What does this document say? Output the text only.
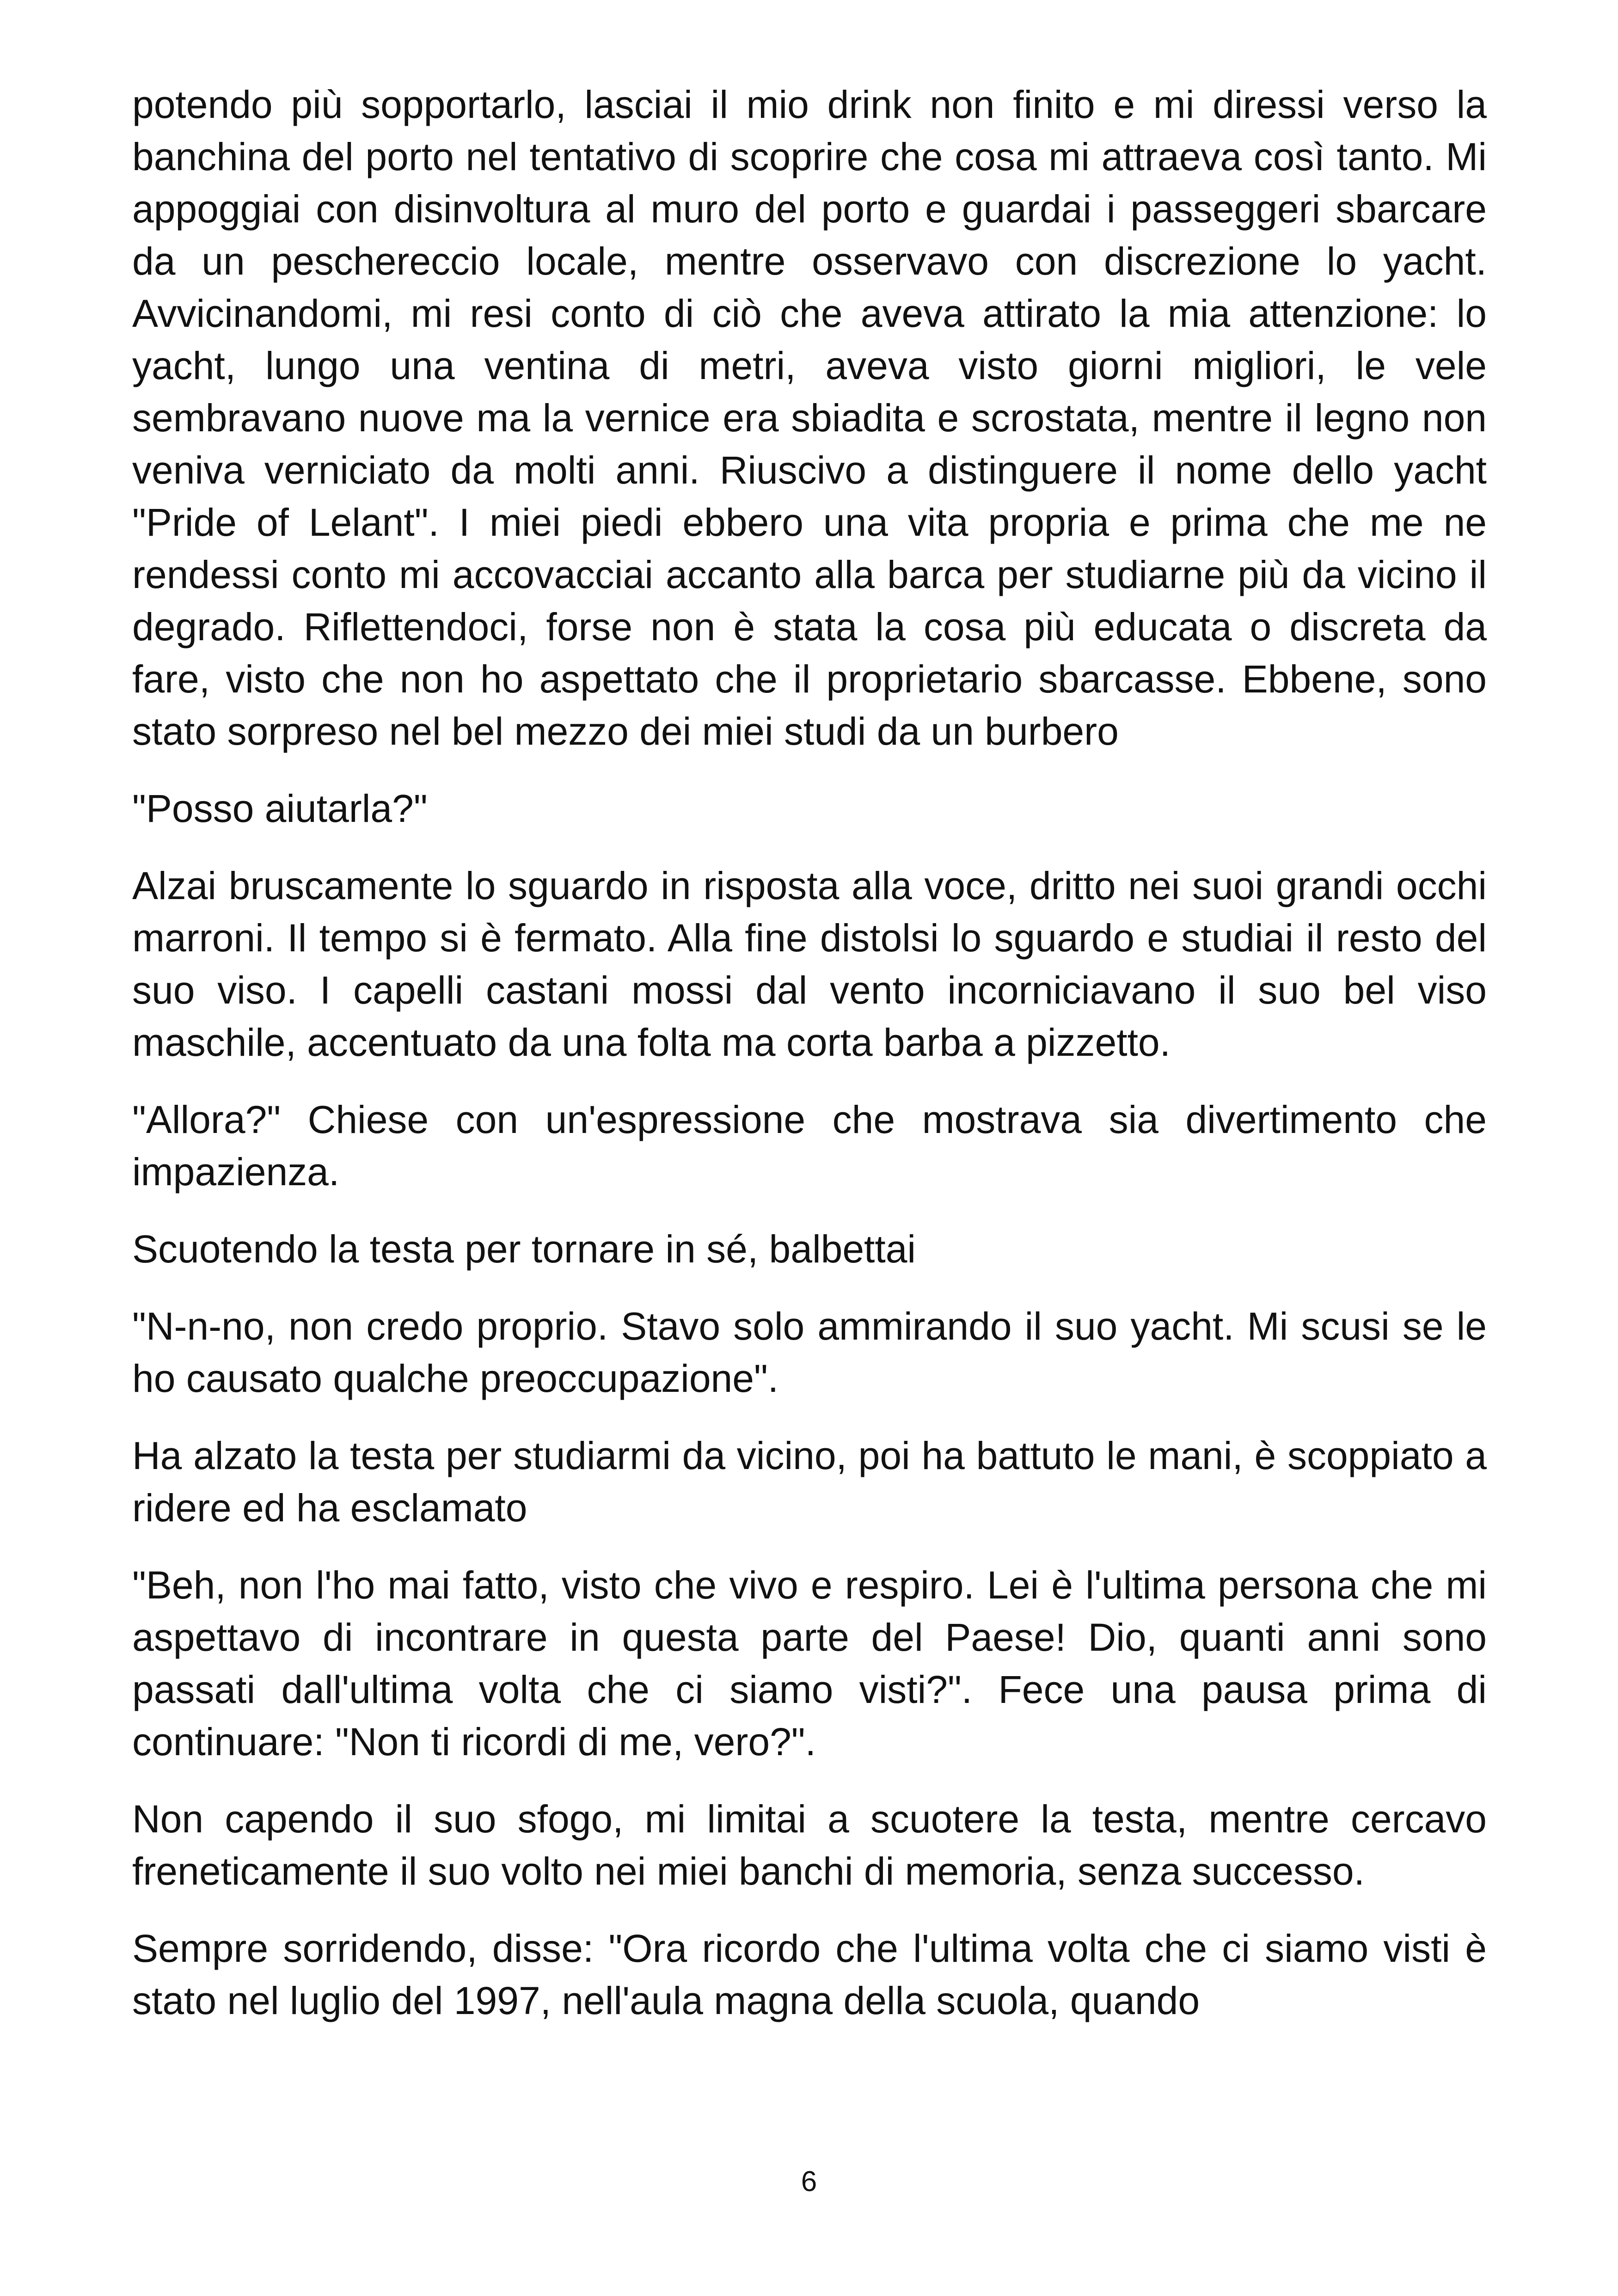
potendo più sopportarlo, lasciai il mio drink non finito e mi diressi verso la banchina del porto nel tentativo di scoprire che cosa mi attraeva così tanto. Mi appoggiai con disinvoltura al muro del porto e guardai i passeggeri sbarcare da un peschereccio locale, mentre osservavo con discrezione lo yacht. Avvicinandomi, mi resi conto di ciò che aveva attirato la mia attenzione: lo yacht, lungo una ventina di metri, aveva visto giorni migliori, le vele sembravano nuove ma la vernice era sbiadita e scrostata, mentre il legno non veniva verniciato da molti anni. Riuscivo a distinguere il nome dello yacht "Pride of Lelant". I miei piedi ebbero una vita propria e prima che me ne rendessi conto mi accovacciai accanto alla barca per studiarne più da vicino il degrado. Riflettendoci, forse non è stata la cosa più educata o discreta da fare, visto che non ho aspettato che il proprietario sbarcasse. Ebbene, sono stato sorpreso nel bel mezzo dei miei studi da un burbero

"Posso aiutarla?"

Alzai bruscamente lo sguardo in risposta alla voce, dritto nei suoi grandi occhi marroni. Il tempo si è fermato. Alla fine distolsi lo sguardo e studiai il resto del suo viso. I capelli castani mossi dal vento incorniciavano il suo bel viso maschile, accentuato da una folta ma corta barba a pizzetto.

"Allora?" Chiese con un'espressione che mostrava sia divertimento che impazienza.

Scuotendo la testa per tornare in sé, balbettai

"N-n-no, non credo proprio. Stavo solo ammirando il suo yacht. Mi scusi se le ho causato qualche preoccupazione".

Ha alzato la testa per studiarmi da vicino, poi ha battuto le mani, è scoppiato a ridere ed ha esclamato

"Beh, non l'ho mai fatto, visto che vivo e respiro. Lei è l'ultima persona che mi aspettavo di incontrare in questa parte del Paese! Dio, quanti anni sono passati dall'ultima volta che ci siamo visti?". Fece una pausa prima di continuare: "Non ti ricordi di me, vero?".

Non capendo il suo sfogo, mi limitai a scuotere la testa, mentre cercavo freneticamente il suo volto nei miei banchi di memoria, senza successo.

Sempre sorridendo, disse: "Ora ricordo che l'ultima volta che ci siamo visti è stato nel luglio del 1997, nell'aula magna della scuola, quando

6
